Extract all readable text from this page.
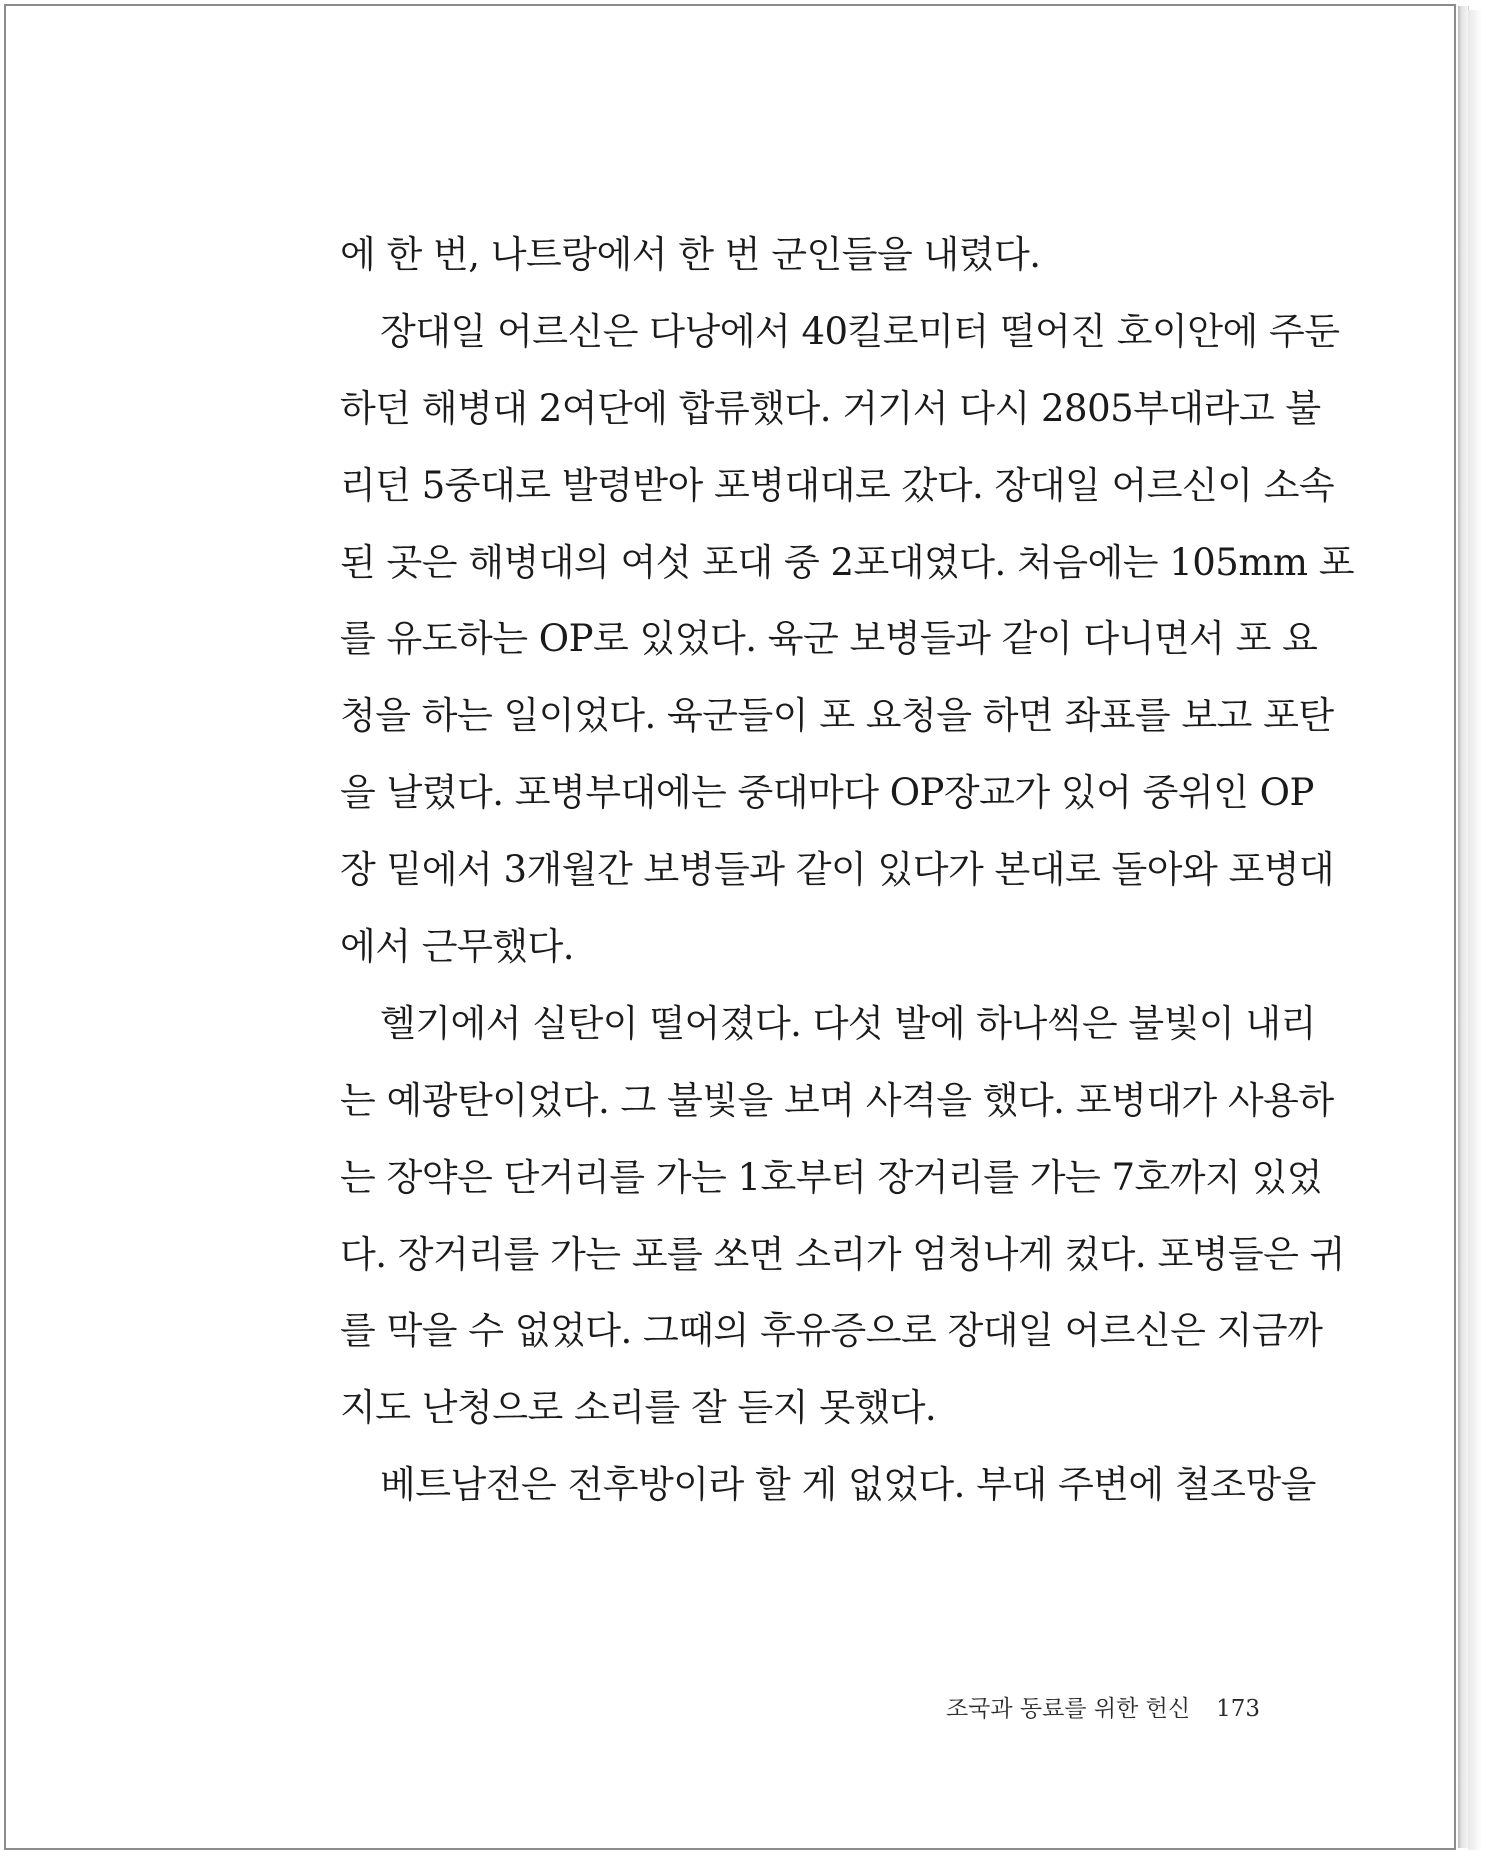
에 한 번, 나트랑에서 한 번 군인들을 내렸다.
장대일 어르신은 다낭에서 40킬로미터 떨어진 호이안에 주둔
하던 해병대 2여단에 합류했다. 거기서 다시 2805부대라고 불
리던 5중대로 발령받아 포병대대로 갔다. 장대일 어르신이 소속
된 곳은 해병대의 여섯 포대 중 2포대였다. 처음에는 105mm 포
를 유도하는 OP로 있었다. 육군 보병들과 같이 다니면서 포 요
청을 하는 일이었다. 육군들이 포 요청을 하면 좌표를 보고 포탄
을 날렸다. 포병부대에는 중대마다 OP장교가 있어 중위인 OP
장 밑에서 3개월간 보병들과 같이 있다가 본대로 돌아와 포병대
에서 근무했다.
헬기에서 실탄이 떨어졌다. 다섯 발에 하나씩은 불빛이 내리
는 예광탄이었다. 그 불빛을 보며 사격을 했다. 포병대가 사용하
는 장약은 단거리를 가는 1호부터 장거리를 가는 7호까지 있었
다. 장거리를 가는 포를 쏘면 소리가 엄청나게 컸다. 포병들은 귀
를 막을 수 없었다. 그때의 후유증으로 장대일 어르신은 지금까
지도 난청으로 소리를 잘 듣지 못했다.
베트남전은 전후방이라 할 게 없었다. 부대 주변에 철조망을
조국과 동료를 위한 헌신 173
